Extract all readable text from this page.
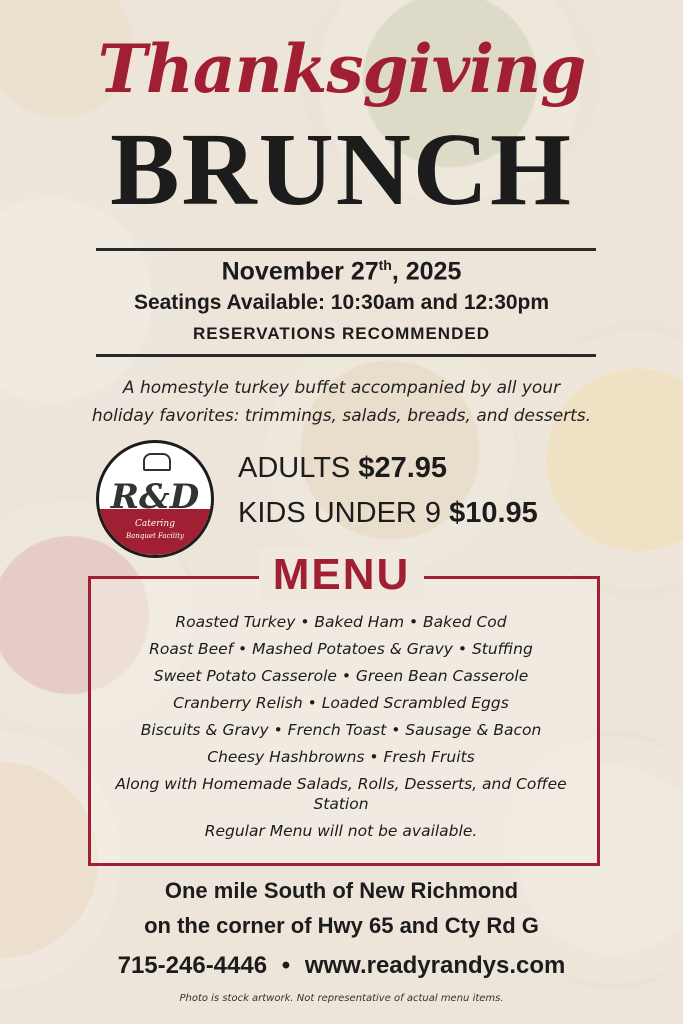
Thanksgiving
BRUNCH
November 27th, 2025
Seatings Available: 10:30am and 12:30pm
RESERVATIONS RECOMMENDED
A homestyle turkey buffet accompanied by all your
holiday favorites: trimmings, salads, breads, and desserts.
R&D
Catering
Banquet Facility
ADULTS $27.95
KIDS UNDER 9 $10.95
MENU
Roasted Turkey • Baked Ham • Baked Cod
Roast Beef • Mashed Potatoes & Gravy • Stuffing
Sweet Potato Casserole • Green Bean Casserole
Cranberry Relish • Loaded Scrambled Eggs
Biscuits & Gravy • French Toast • Sausage & Bacon
Cheesy Hashbrowns • Fresh Fruits
Along with Homemade Salads, Rolls, Desserts, and Coffee Station
Regular Menu will not be available.
One mile South of New Richmond
on the corner of Hwy 65 and Cty Rd G
715-246-4446 • www.readyrandys.com
Photo is stock artwork. Not representative of actual menu items.
